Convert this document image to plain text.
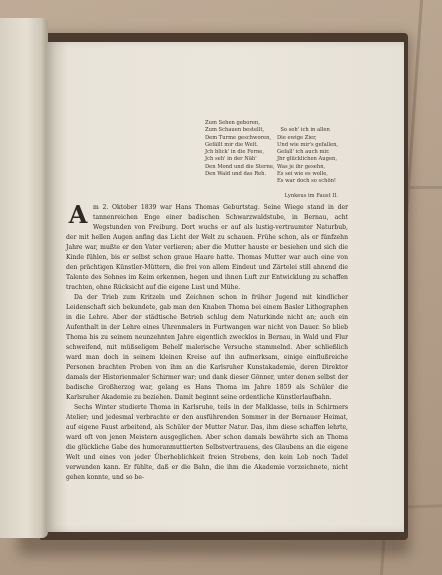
Zum Sehen geboren,
Zum Schauen bestellt,
Dem Turme geschworen,
Gefällt mir die Welt.
Jch blick' in die Ferne,
Jch seh' in der Näh'
Den Mond und die Sterne,
Den Wald und das Reh.

So seh' ich in allen
Die ewige Zier,
Und wie mir's gefallen,
Gefall' ich auch mir.
Jhr glücklichen Augen,
Was je ihr gesehn,
Es sei wie es wolle,
Es war doch so schön!

Lynkeus im Faust II.

A m 2. Oktober 1839 war Hans Thomas Geburtstag. Seine Wiege stand in der tannenreichen Enge einer badischen Schwarzwaldstube, in Bernau, acht Wegstunden von Freiburg. Dort wuchs er auf als lustig-vertraumter Naturbub, der mit hellen Augen anfing das Licht der Welt zu schauen. Frühe schon, als er fünfzehn Jahre war, mußte er den Vater verlieren; aber die Mutter hauste er besiehen und sich die Kinde fühlen, bis er selbst schon graue Haare hatte. Thomas Mutter war auch eine von den prächtigen Künstler-Müttern, die frei von allem Eindeut und Zärtelei still ahnend die Talente des Sohnes im Keim erkennen, hegen und ihnen Luft zur Entwicklung zu schaffen trachten, ohne Rücksicht auf die eigene Lust und Mühe.

Da der Trieb zum Kritzeln und Zeichnen schon in früher Jugend mit kindlicher Leidenschaft sich bekundete, gab man den Knaben Thoma bei einem Basler Lithographen in die Lehre. Aber der städtische Betrieb schlug dem Naturkinde nicht an; auch ein Aufenthalt in der Lehre eines Uhrenmalers in Furtwangen war nicht von Dauer. So blieb Thoma bis zu seinem neunzehnten Jahre eigentlich zwecklos in Bernau, in Wald und Flur schweifend, mit müßseligem Behelf malerische Versuche stammelnd. Aber schließlich ward man doch in seinem kleinen Kreise auf ihn aufmerksam, einige einflußreiche Personen brachten Proben von ihm an die Karlsruher Kunstakademie, deren Direktor damals der Historienmaler Schirmer war; und dank dieser Gönner, unter denen selbst der badische Großherzog war, gelang es Hans Thoma im Jahre 1859 als Schüler die Karlsruher Akademie zu beziehen. Damit beginnt seine ordentliche Künstlerlaufbahn.

Sechs Winter studierte Thoma in Karlsruhe, teils in der Malklasse, teils in Schirmers Atelier; und jedesmal verbrachte er den ausführenden Sommer in der Bernauer Heimat, auf eigene Faust arbeitend, als Schüler der Mutter Natur. Das, ihm diese schaffen lehrte, ward oft von jenen Meistern ausgeglichen. Aber schon damals bewährte sich an Thoma die glückliche Gabe des humoranmuttierten Selbstvertrauens, des Glaubens an die eigene Welt und eines von jeder Überheblichkeit freien Strebens, den kein Lob noch Tadel verwunden kann. Er fühlte, daß er die Bahn, die ihm die Akademie vorzeichnete, nicht gehen konnte, und so be-
